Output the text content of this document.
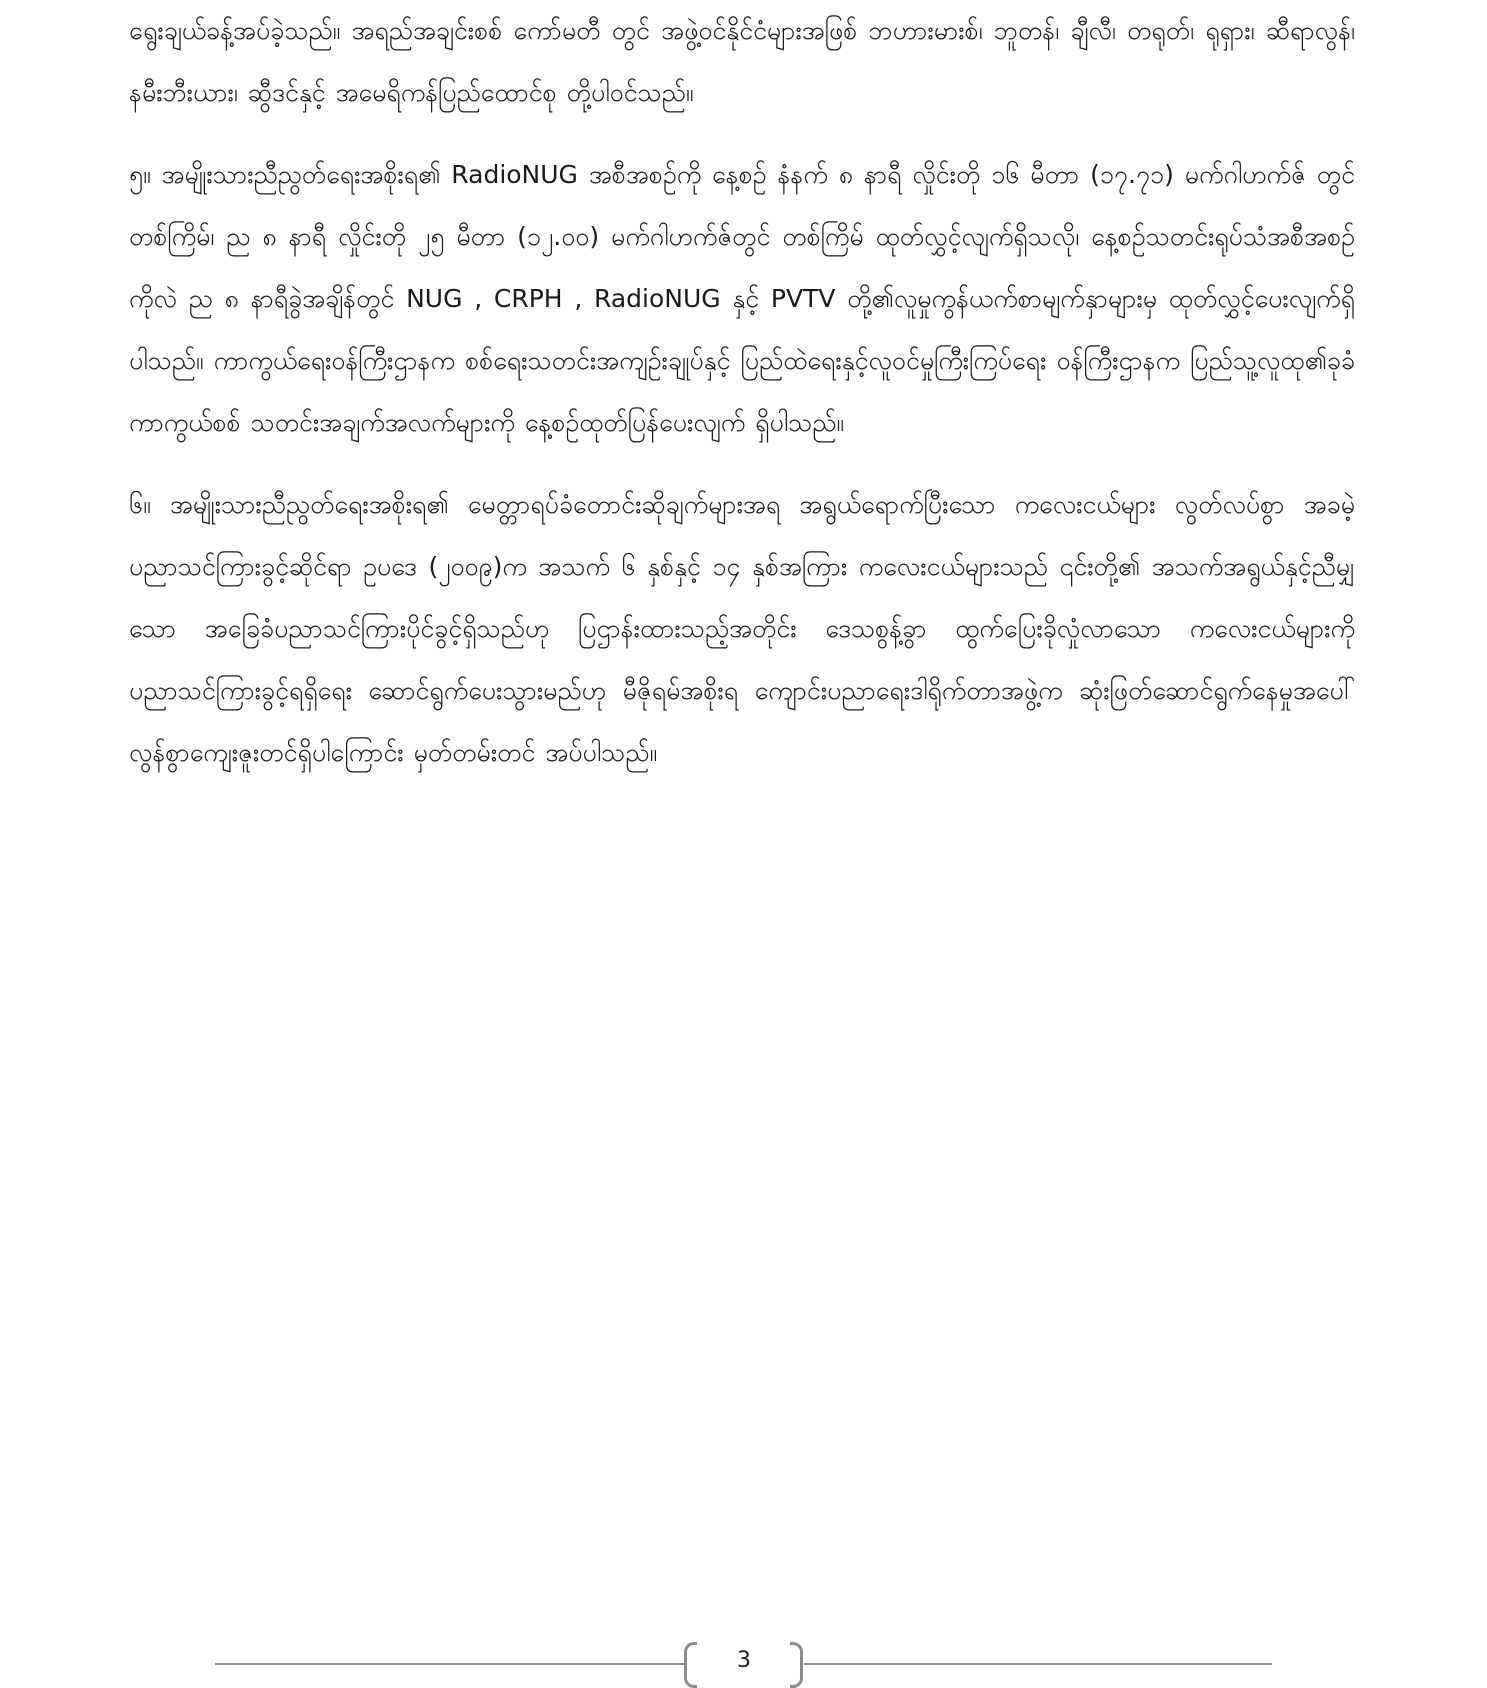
ရွေးချယ်ခန့်အပ်ခဲ့သည်။ အရည်အချင်းစစ် ကော်မတီ တွင် အဖွဲ့ဝင်နိုင်ငံများအဖြစ် ဘဟားမားစ်၊ ဘူတန်၊ ချီလီ၊ တရုတ်၊ ရုရှား၊ ဆီရာလွန်၊ နမီးဘီးယား၊ ဆွီဒင်နှင့် အမေရိကန်ပြည်ထောင်စု တို့ပါဝင်သည်။

၅။ အမျိုးသားညီညွတ်ရေးအစိုးရ၏ RadioNUG အစီအစဉ်ကို နေ့စဉ် နံနက် ၈ နာရီ လှိုင်းတို ၁၆ မီတာ (၁၇.၇၁) မက်ဂါဟက်ဇ် တွင် တစ်ကြိမ်၊ ည ၈ နာရီ လှိုင်းတို ၂၅ မီတာ (၁၂.၀၀) မက်ဂါဟက်ဇ်တွင် တစ်ကြိမ် ထုတ်လွှင့်လျက်ရှိသလို၊ နေ့စဉ်သတင်းရုပ်သံအစီအစဉ်ကိုလဲ ည ၈ နာရီခွဲအချိန်တွင် NUG , CRPH , RadioNUG နှင့် PVTV တို့၏လူမှုကွန်ယက်စာမျက်နှာများမှ ထုတ်လွှင့်ပေးလျက်ရှိပါသည်။ ကာကွယ်ရေးဝန်ကြီးဌာနက စစ်ရေးသတင်းအကျဉ်းချုပ်နှင့် ပြည်ထဲရေးနှင့်လူဝင်မှုကြီးကြပ်ရေး ဝန်ကြီးဌာနက ပြည်သူ့လူထု၏ခုခံကာကွယ်စစ် သတင်းအချက်အလက်များကို နေ့စဉ်ထုတ်ပြန်ပေးလျက် ရှိပါသည်။

၆။ အမျိုးသားညီညွတ်ရေးအစိုးရ၏ မေတ္တာရပ်ခံတောင်းဆိုချက်များအရ အရွယ်ရောက်ပြီးသော ကလေးငယ်များ လွတ်လပ်စွာ အခမဲ့ပညာသင်ကြားခွင့်ဆိုင်ရာ ဥပဒေ (၂၀၀၉)က အသက် ၆ နှစ်နှင့် ၁၄ နှစ်အကြား ကလေးငယ်များသည် ၎င်းတို့၏ အသက်အရွယ်နှင့်ညီမျှသော အခြေခံပညာသင်ကြားပိုင်ခွင့်ရှိသည်ဟု ပြဌာန်းထားသည့်အတိုင်း ဒေသစွန့်ခွာ ထွက်ပြေးခိုလှုံလာသော ကလေးငယ်များကို ပညာသင်ကြားခွင့်ရရှိရေး ဆောင်ရွက်ပေးသွားမည်ဟု မီဇိုရမ်အစိုးရ ကျောင်းပညာရေးဒါရိုက်တာအဖွဲ့က ဆုံးဖြတ်ဆောင်ရွက်နေမှုအပေါ် လွန်စွာကျေးဇူးတင်ရှိပါကြောင်း မှတ်တမ်းတင် အပ်ပါသည်။

3
